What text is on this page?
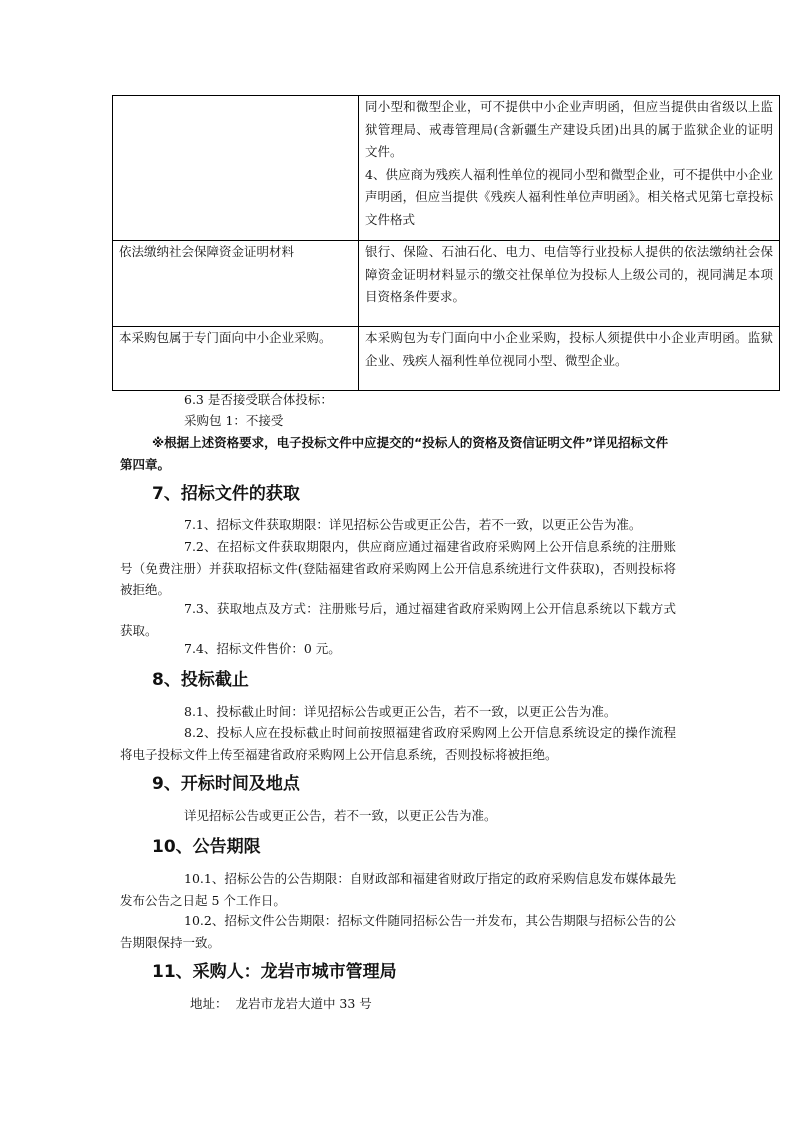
	同小型和微型企业，可不提供中小企业声明函，但应当提供由省级以上监狱管理局、戒毒管理局(含新疆生产建设兵团)出具的属于监狱企业的证明文件。

4、供应商为残疾人福利性单位的视同小型和微型企业，可不提供中小企业声明函，但应当提供《残疾人福利性单位声明函》。相关格式见第七章投标文件格式

依法缴纳社会保障资金证明材料	银行、保险、石油石化、电力、电信等行业投标人提供的依法缴纳社会保障资金证明材料显示的缴交社保单位为投标人上级公司的，视同满足本项目资格条件要求。

本采购包属于专门面向中小企业采购。	本采购包为专门面向中小企业采购，投标人须提供中小企业声明函。监狱企业、残疾人福利性单位视同小型、微型企业。

6.3 是否接受联合体投标：
采购包 1：不接受

※根据上述资格要求，电子投标文件中应提交的“投标人的资格及资信证明文件”详见招标文件第四章。

7、招标文件的获取

7.1、招标文件获取期限：详见招标公告或更正公告，若不一致，以更正公告为准。

7.2、在招标文件获取期限内，供应商应通过福建省政府采购网上公开信息系统的注册账号（免费注册）并获取招标文件(登陆福建省政府采购网上公开信息系统进行文件获取)，否则投标将被拒绝。

7.3、获取地点及方式：注册账号后，通过福建省政府采购网上公开信息系统以下载方式获取。

7.4、招标文件售价：0 元。

8、投标截止

8.1、投标截止时间：详见招标公告或更正公告，若不一致，以更正公告为准。

8.2、投标人应在投标截止时间前按照福建省政府采购网上公开信息系统设定的操作流程将电子投标文件上传至福建省政府采购网上公开信息系统，否则投标将被拒绝。

9、开标时间及地点

详见招标公告或更正公告，若不一致，以更正公告为准。

10、公告期限

10.1、招标公告的公告期限：自财政部和福建省财政厅指定的政府采购信息发布媒体最先发布公告之日起 5 个工作日。

10.2、招标文件公告期限：招标文件随同招标公告一并发布，其公告期限与招标公告的公告期限保持一致。

11、采购人：龙岩市城市管理局
地址：  龙岩市龙岩大道中 33 号
